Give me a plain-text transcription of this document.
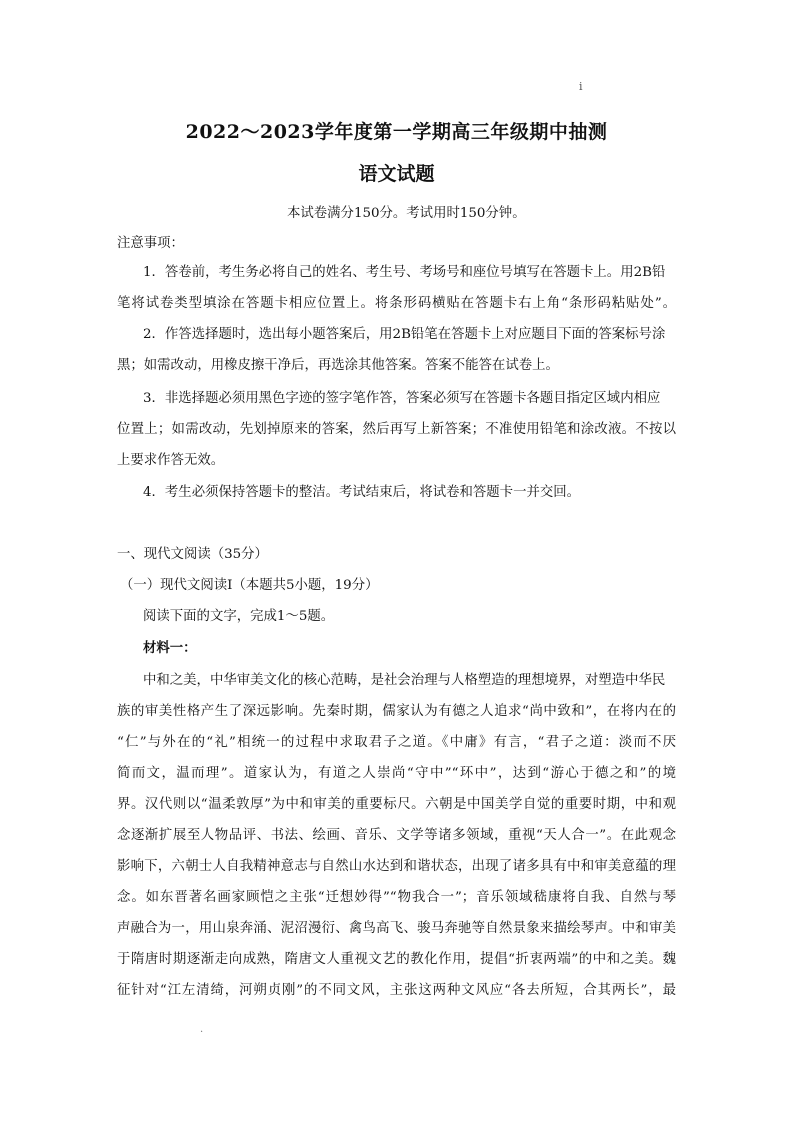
i
2022～2023学年度第一学期高三年级期中抽测
语文试题
本试卷满分150分。考试用时150分钟。
注意事项：
1．答卷前，考生务必将自己的姓名、考生号、考场号和座位号填写在答题卡上。用2B铅
笔将试卷类型填涂在答题卡相应位置上。将条形码横贴在答题卡右上角“条形码粘贴处”。
2．作答选择题时，选出每小题答案后，用2B铅笔在答题卡上对应题目下面的答案标号涂
黑；如需改动，用橡皮擦干净后，再选涂其他答案。答案不能答在试卷上。
3．非选择题必须用黑色字迹的签字笔作答，答案必须写在答题卡各题目指定区域内相应
位置上；如需改动，先划掉原来的答案，然后再写上新答案；不准使用铅笔和涂改液。不按以
上要求作答无效。
4．考生必须保持答题卡的整洁。考试结束后，将试卷和答题卡一并交回。
一、现代文阅读（35分）
（一）现代文阅读Ⅰ（本题共5小题，19分）
阅读下面的文字，完成1～5题。
材料一：
中和之美，中华审美文化的核心范畴，是社会治理与人格塑造的理想境界，对塑造中华民
族的审美性格产生了深远影响。先秦时期，儒家认为有德之人追求“尚中致和”，在将内在的
“仁”与外在的“礼”相统一的过程中求取君子之道。《中庸》有言，“君子之道：淡而不厌
简而文，温而理”。道家认为，有道之人崇尚“守中”“环中”，达到“游心于德之和”的境
界。汉代则以“温柔敦厚”为中和审美的重要标尺。六朝是中国美学自觉的重要时期，中和观
念逐渐扩展至人物品评、书法、绘画、音乐、文学等诸多领域，重视“天人合一”。在此观念
影响下，六朝士人自我精神意志与自然山水达到和谐状态，出现了诸多具有中和审美意蕴的理
念。如东晋著名画家顾恺之主张“迁想妙得”“物我合一”；音乐领域嵇康将自我、自然与琴
声融合为一，用山泉奔涌、泥沼漫衍、禽鸟高飞、骏马奔驰等自然景象来描绘琴声。中和审美
于隋唐时期逐渐走向成熟，隋唐文人重视文艺的教化作用，提倡“折衷两端”的中和之美。魏
征针对“江左清绮，河朔贞刚”的不同文风，主张这两种文风应“各去所短，合其两长”，最
.
